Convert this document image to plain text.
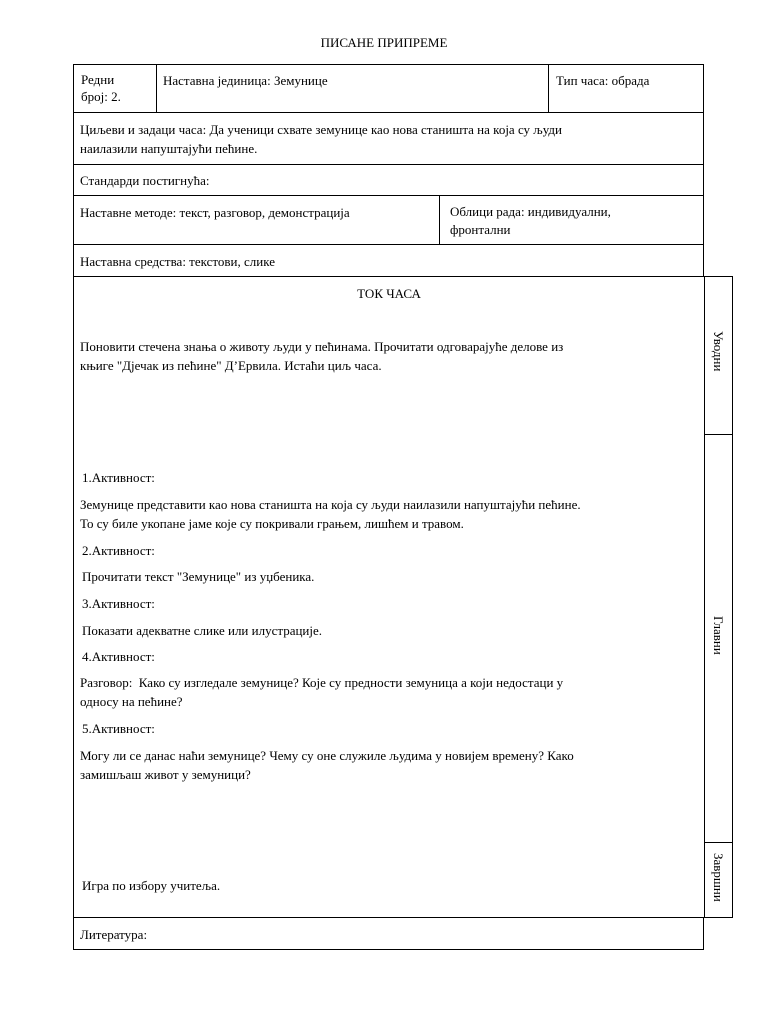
ПИСАНЕ ПРИПРЕМЕ
Редни
број: 2.
Наставна јединица: Земунице	Тип часа: обрада
Циљеви и задаци часа: Да ученици схвате земунице као нова станишта на која су људи
наилазили напуштајући пећине.
Стандарди постигнућа:
Наставне методе: текст, разговор, демонстрација	Облици рада: индивидуални,
фронтални
Наставна средства: текстови, слике
ТОК ЧАСА
Поновити стечена знања о животу људи у пећинама. Прочитати одговарајуће делове из
књиге "Дјечак из пећине" Д’Ервила. Истаћи циљ часа.
1.Активност:
Земунице представити као нова станишта на која су људи наилазили напуштајући пећине.
То су биле укопане јаме које су покривали грањем, лишћем и травом.
2.Активност:
Прочитати текст "Земунице" из уџбеника.
3.Активност:
Показати адекватне слике или илустрације.
4.Активност:
Разговор:  Како су изгледале земунице? Које су предности земуница а који недостаци у
односу на пећине?
5.Активност:
Могу ли се данас наћи земунице? Чему су оне служиле људима у новијем времену? Како
замишљаш живот у земуници?
Игра по избору учитеља.
Уводни
Главни
Завршни
Литература:
